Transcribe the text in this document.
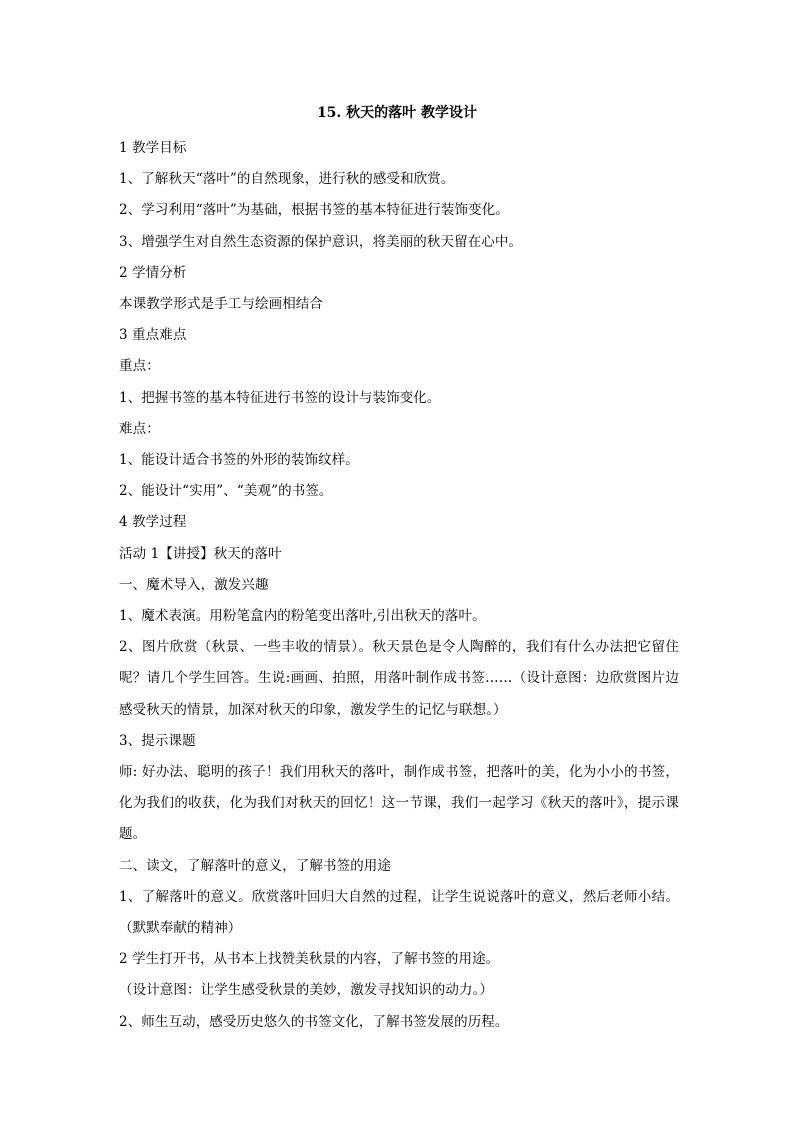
15. 秋天的落叶 教学设计

1 教学目标

1、了解秋天“落叶”的自然现象，进行秋的感受和欣赏。

2、学习利用“落叶”为基础，根据书签的基本特征进行装饰变化。

3、增强学生对自然生态资源的保护意识，将美丽的秋天留在心中。

2 学情分析

本课教学形式是手工与绘画相结合

3 重点难点

重点：

1、把握书签的基本特征进行书签的设计与装饰变化。

难点：

1、能设计适合书签的外形的装饰纹样。

2、能设计“实用”、“美观”的书签。

4 教学过程

活动 1【讲授】秋天的落叶

一、魔术导入，激发兴趣

1、魔术表演。用粉笔盒内的粉笔变出落叶,引出秋天的落叶。

2、图片欣赏（秋景、一些丰收的情景）。秋天景色是令人陶醉的，我们有什么办法把它留住呢？请几个学生回答。生说:画画、拍照，用落叶制作成书签……（设计意图：边欣赏图片边感受秋天的情景，加深对秋天的印象，激发学生的记忆与联想。）

3、提示课题

师: 好办法、聪明的孩子！我们用秋天的落叶，制作成书签，把落叶的美，化为小小的书签，化为我们的收获，化为我们对秋天的回忆！这一节课，我们一起学习《秋天的落叶》，提示课题。

二、读文，了解落叶的意义，了解书签的用途

1、了解落叶的意义。欣赏落叶回归大自然的过程，让学生说说落叶的意义，然后老师小结。（默默奉献的精神）

2 学生打开书，从书本上找赞美秋景的内容，了解书签的用途。

（设计意图：让学生感受秋景的美妙，激发寻找知识的动力。）

2、师生互动，感受历史悠久的书签文化，了解书签发展的历程。
